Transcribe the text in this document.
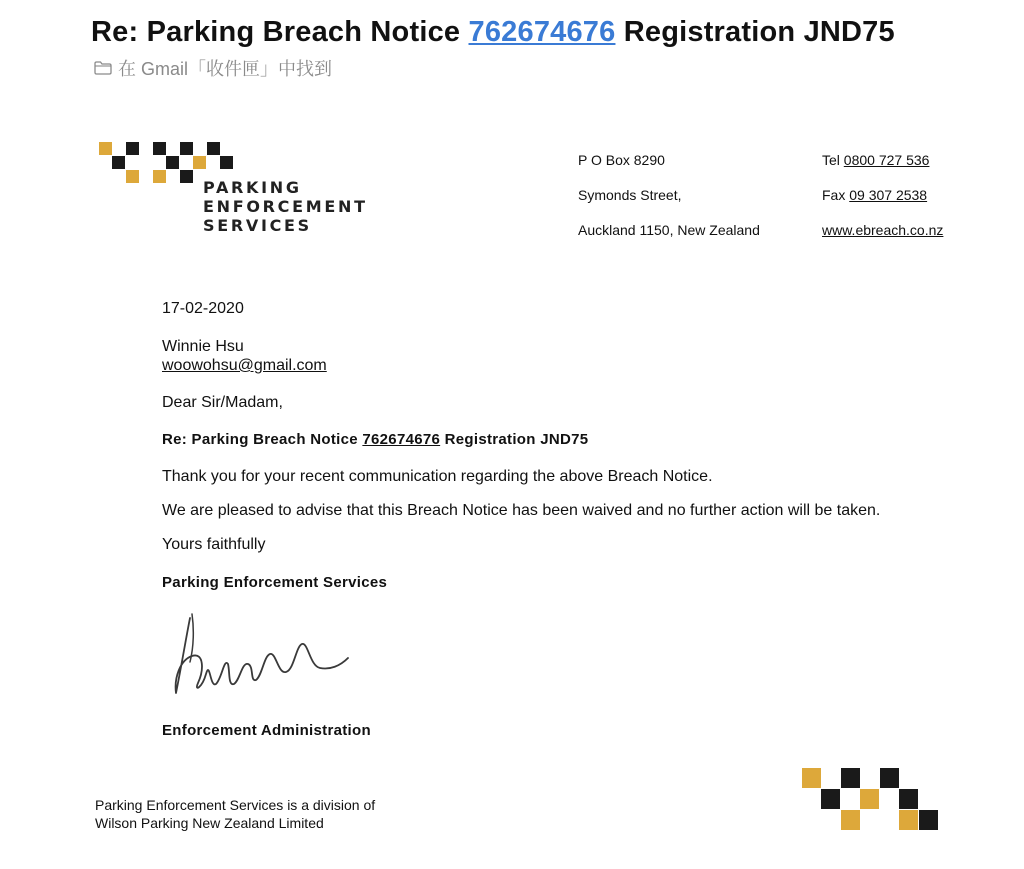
Re: Parking Breach Notice 762674676 Registration JND75
在 Gmail「收件匣」中找到
PARKING
ENFORCEMENT
SERVICES
P O Box 8290
Symonds Street,
Auckland 1150, New Zealand
Tel 0800 727 536
Fax 09 307 2538
www.ebreach.co.nz
17-02-2020
Winnie Hsu
woowohsu@gmail.com
Dear Sir/Madam,
Re: Parking Breach Notice 762674676 Registration JND75
Thank you for your recent communication regarding the above Breach Notice.
We are pleased to advise that this Breach Notice has been waived and no further action will be taken.
Yours faithfully
Parking Enforcement Services
Enforcement Administration
Parking Enforcement Services is a division of
Wilson Parking New Zealand Limited
